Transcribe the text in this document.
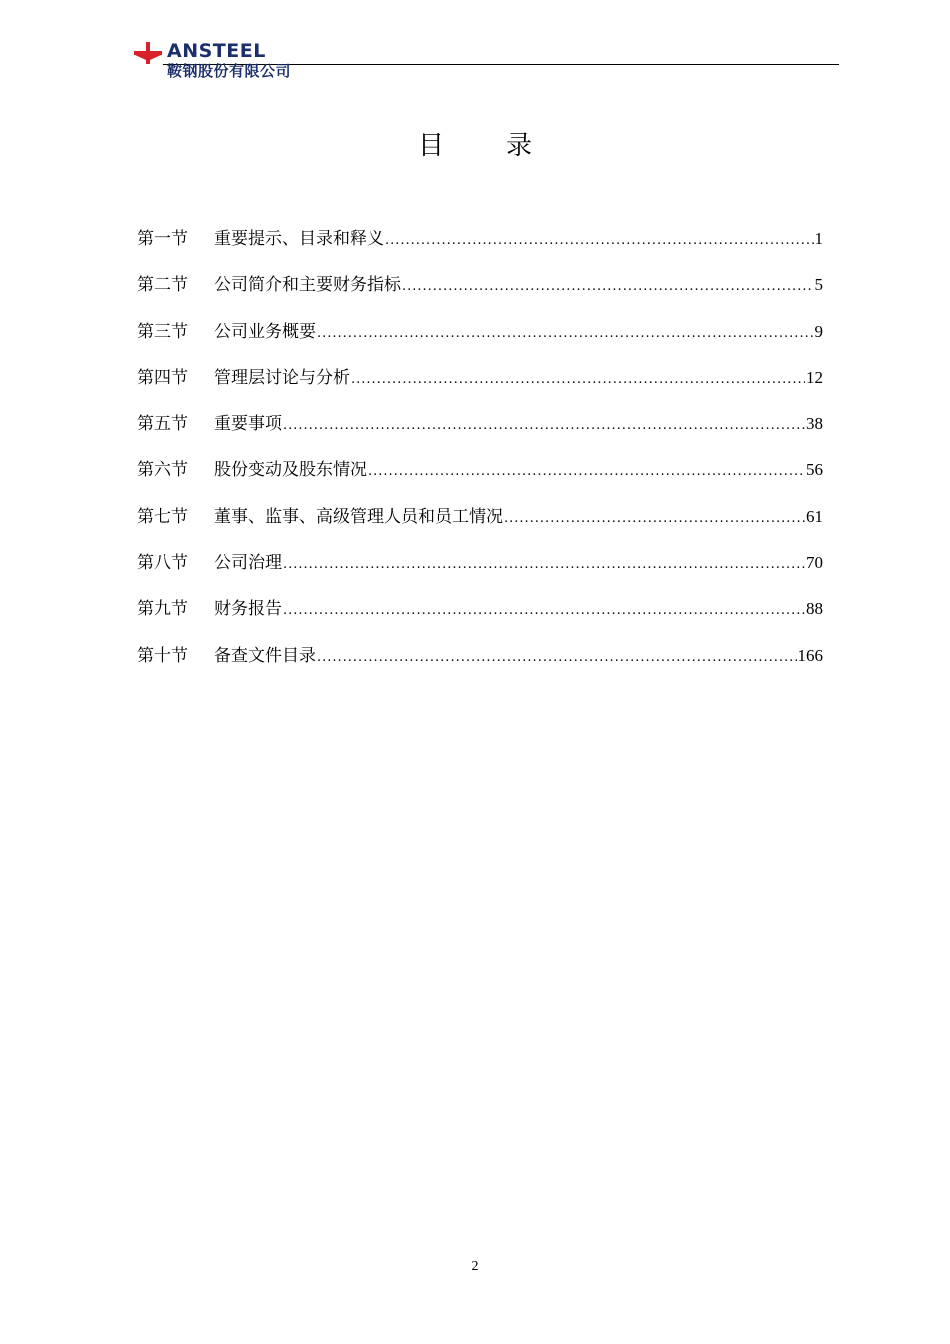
ANSTEEL
鞍钢股份有限公司
目 录
第一节	重要提示、目录和释义 .....	1
第二节	公司简介和主要财务指标 .....	5
第三节	公司业务概要 .....	9
第四节	管理层讨论与分析 .....	12
第五节	重要事项 .....	38
第六节	股份变动及股东情况 .....	56
第七节	董事、监事、高级管理人员和员工情况 .....	61
第八节	公司治理 .....	70
第九节	财务报告 .....	88
第十节	备查文件目录 .....	166
2
